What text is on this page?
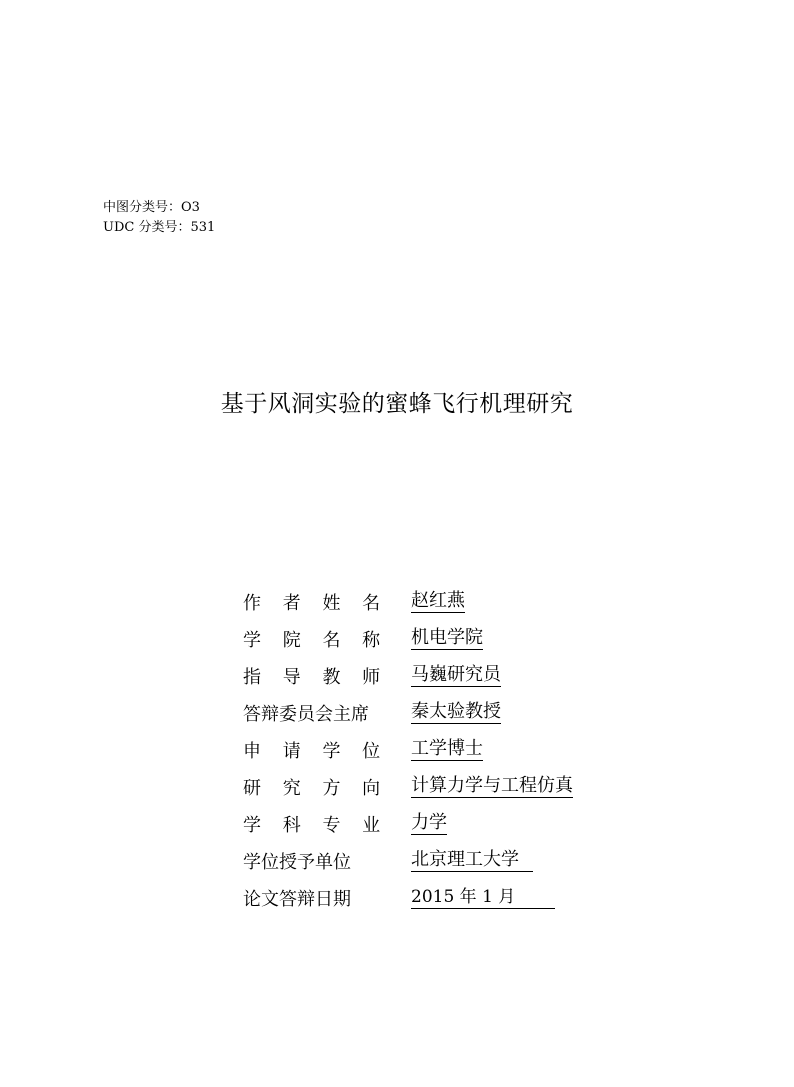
中图分类号：O3
UDC 分类号：531
基于风洞实验的蜜蜂飞行机理研究
作 者 姓 名	赵红燕
学 院 名 称	机电学院
指 导 教 师	马巍研究员
答辩委员会主席	秦太验教授
申 请 学 位	工学博士
研 究 方 向	计算力学与工程仿真
学 科 专 业	力学
学位授予单位	北京理工大学
论文答辩日期	2015 年 1 月
